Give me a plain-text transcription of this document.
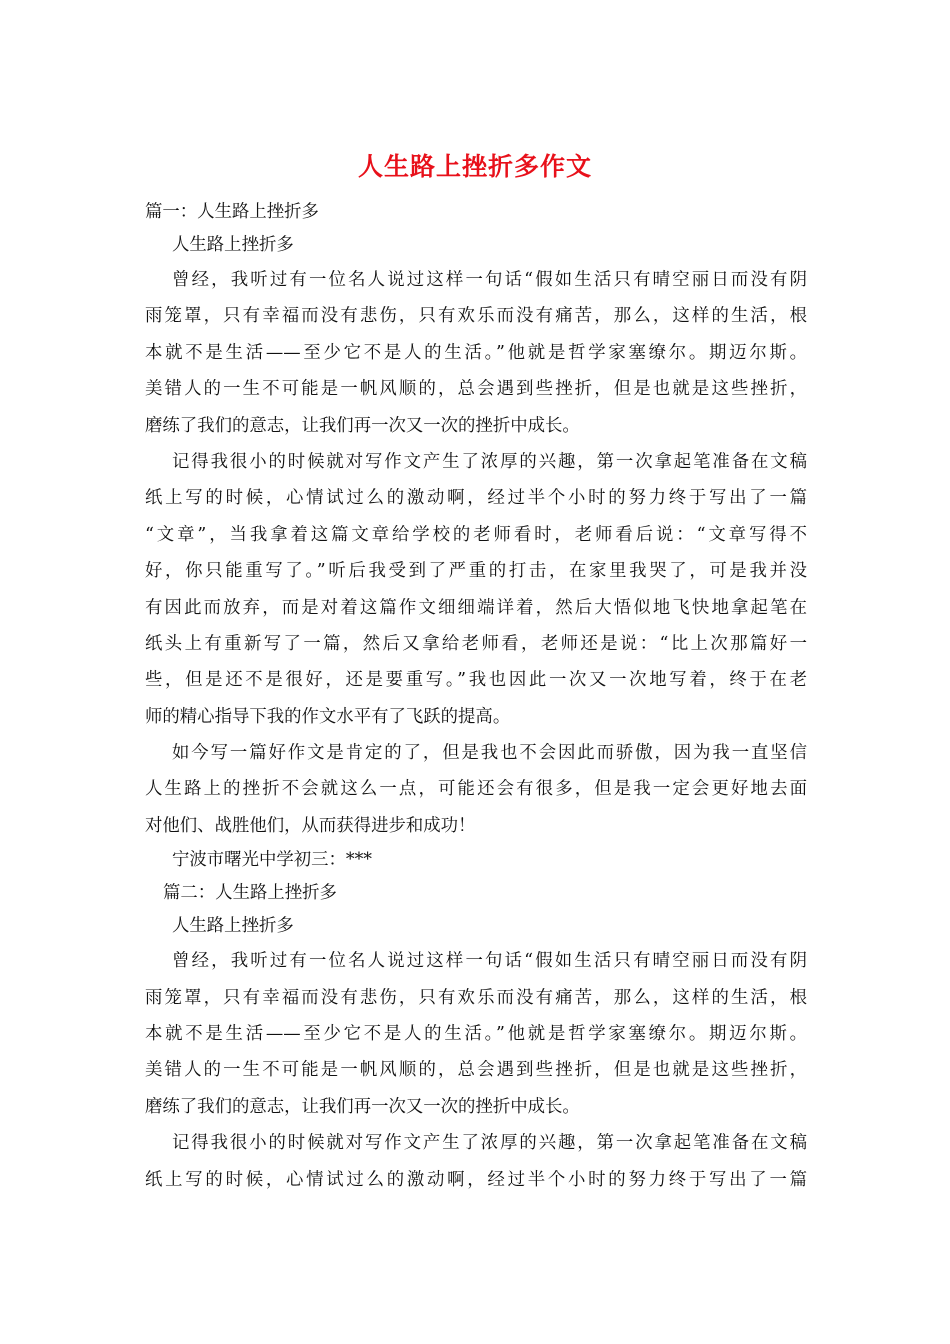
人生路上挫折多作文
篇一：人生路上挫折多
人生路上挫折多
曾经，我听过有一位名人说过这样一句话“假如生活只有晴空丽日而没有阴
雨笼罩，只有幸福而没有悲伤，只有欢乐而没有痛苦，那么，这样的生活，根
本就不是生活——至少它不是人的生活。”他就是哲学家塞缭尔。期迈尔斯。
美错人的一生不可能是一帆风顺的，总会遇到些挫折，但是也就是这些挫折，
磨练了我们的意志，让我们再一次又一次的挫折中成长。
记得我很小的时候就对写作文产生了浓厚的兴趣，第一次拿起笔准备在文稿
纸上写的时候，心情试过么的激动啊，经过半个小时的努力终于写出了一篇
“文章”，当我拿着这篇文章给学校的老师看时，老师看后说：“文章写得不
好，你只能重写了。”听后我受到了严重的打击，在家里我哭了，可是我并没
有因此而放弃，而是对着这篇作文细细端详着，然后大悟似地飞快地拿起笔在
纸头上有重新写了一篇，然后又拿给老师看，老师还是说：“比上次那篇好一
些，但是还不是很好，还是要重写。”我也因此一次又一次地写着，终于在老
师的精心指导下我的作文水平有了飞跃的提高。
如今写一篇好作文是肯定的了，但是我也不会因此而骄傲，因为我一直坚信
人生路上的挫折不会就这么一点，可能还会有很多，但是我一定会更好地去面
对他们、战胜他们，从而获得进步和成功！
宁波市曙光中学初三：***
篇二：人生路上挫折多
人生路上挫折多
曾经，我听过有一位名人说过这样一句话“假如生活只有晴空丽日而没有阴
雨笼罩，只有幸福而没有悲伤，只有欢乐而没有痛苦，那么，这样的生活，根
本就不是生活——至少它不是人的生活。”他就是哲学家塞缭尔。期迈尔斯。
美错人的一生不可能是一帆风顺的，总会遇到些挫折，但是也就是这些挫折，
磨练了我们的意志，让我们再一次又一次的挫折中成长。
记得我很小的时候就对写作文产生了浓厚的兴趣，第一次拿起笔准备在文稿
纸上写的时候，心情试过么的激动啊，经过半个小时的努力终于写出了一篇
